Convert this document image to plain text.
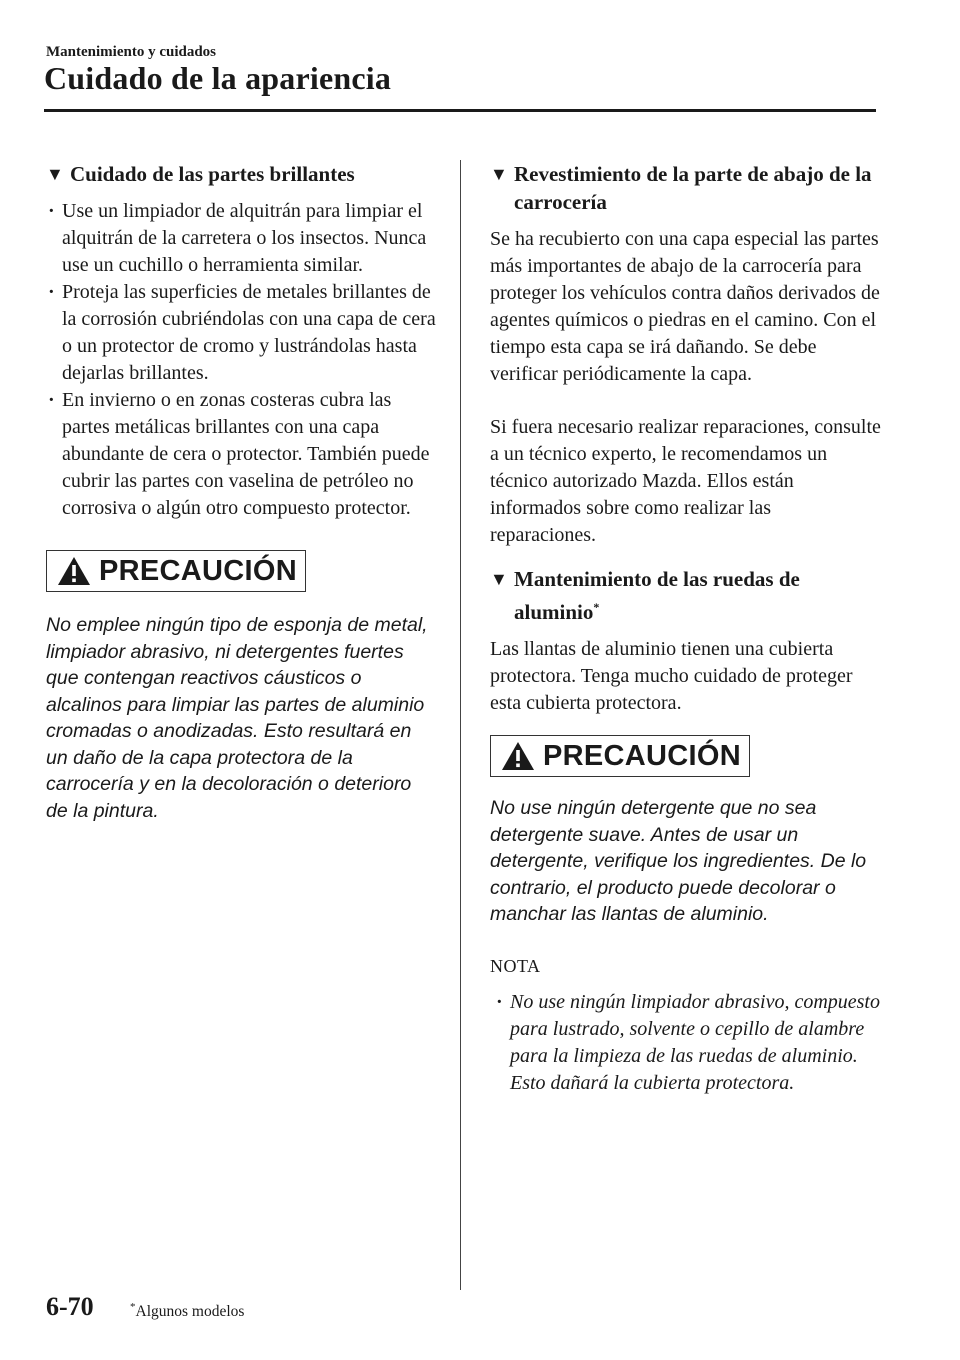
Mantenimiento y cuidados
Cuidado de la apariencia
▼ Cuidado de las partes brillantes
· Use un limpiador de alquitrán para limpiar el alquitrán de la carretera o los insectos. Nunca use un cuchillo o herramienta similar.
· Proteja las superficies de metales brillantes de la corrosión cubriéndolas con una capa de cera o un protector de cromo y lustrándolas hasta dejarlas brillantes.
· En invierno o en zonas costeras cubra las partes metálicas brillantes con una capa abundante de cera o protector. También puede cubrir las partes con vaselina de petróleo no corrosiva o algún otro compuesto protector.
PRECAUCIÓN

No emplee ningún tipo de esponja de metal, limpiador abrasivo, ni detergentes fuertes que contengan reactivos cáusticos o alcalinos para limpiar las partes de aluminio cromadas o anodizadas. Esto resultará en un daño de la capa protectora de la carrocería y en la decoloración o deterioro de la pintura.

▼ Revestimiento de la parte de abajo de la carrocería

Se ha recubierto con una capa especial las partes más importantes de abajo de la carrocería para proteger los vehículos contra daños derivados de agentes químicos o piedras en el camino. Con el tiempo esta capa se irá dañando. Se debe verificar periódicamente la capa.

Si fuera necesario realizar reparaciones, consulte a un técnico experto, le recomendamos un técnico autorizado Mazda. Ellos están informados sobre como realizar las reparaciones.

▼ Mantenimiento de las ruedas de aluminio*

Las llantas de aluminio tienen una cubierta protectora. Tenga mucho cuidado de proteger esta cubierta protectora.

PRECAUCIÓN

No use ningún detergente que no sea detergente suave. Antes de usar un detergente, verifique los ingredientes. De lo contrario, el producto puede decolorar o manchar las llantas de aluminio.

NOTA
· No use ningún limpiador abrasivo, compuesto para lustrado, solvente o cepillo de alambre para la limpieza de las ruedas de aluminio. Esto dañará la cubierta protectora.
6-70	*Algunos modelos
